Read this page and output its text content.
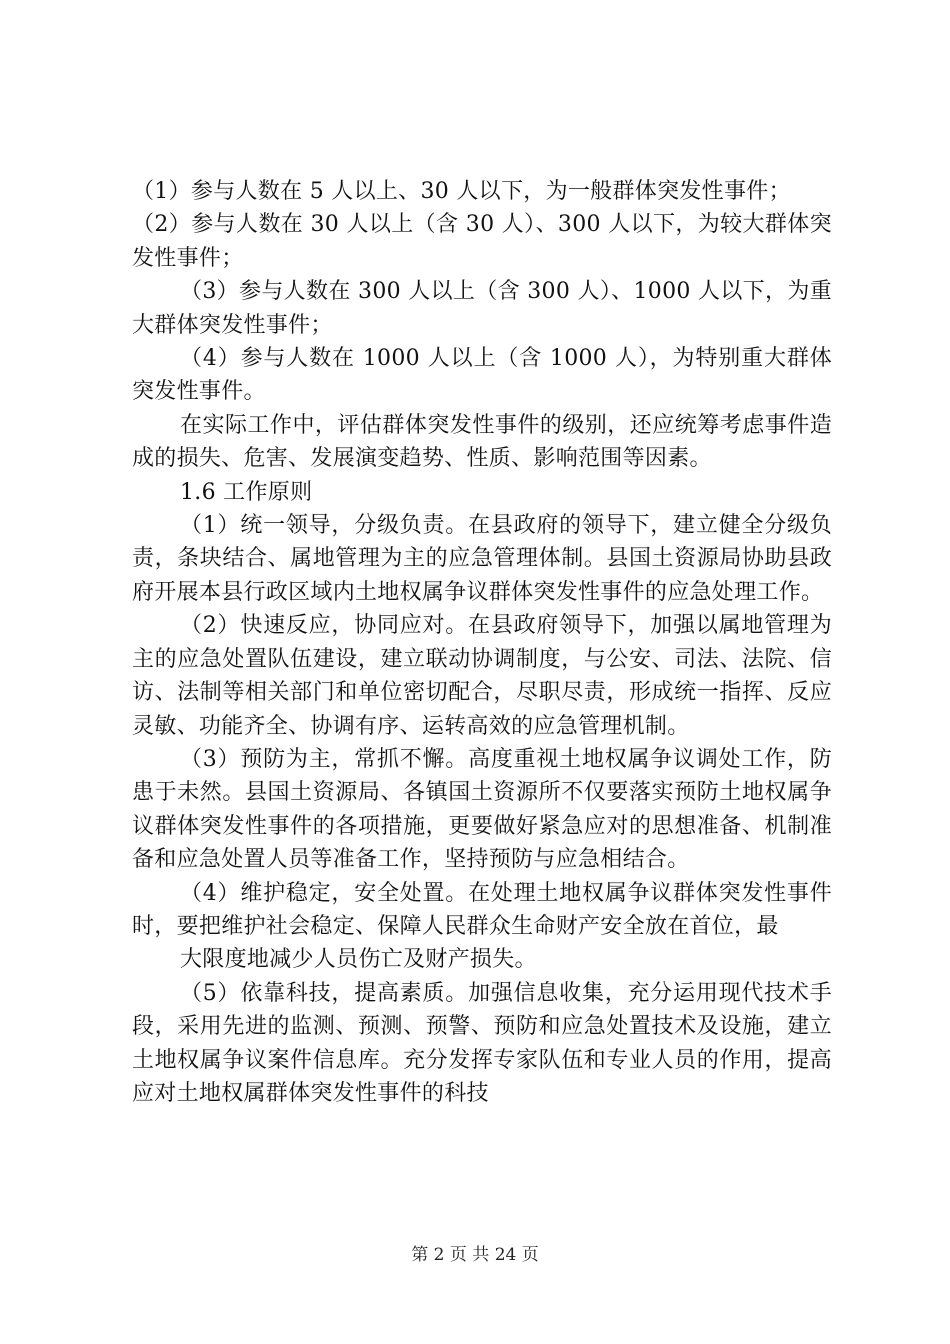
（1）参与人数在 5 人以上、30 人以下，为一般群体突发性事件；

（2）参与人数在 30 人以上（含 30 人）、300 人以下，为较大群体突发性事件；

（3）参与人数在 300 人以上（含 300 人）、1000 人以下，为重大群体突发性事件；

（4）参与人数在 1000 人以上（含 1000 人），为特别重大群体突发性事件。

在实际工作中，评估群体突发性事件的级别，还应统筹考虑事件造成的损失、危害、发展演变趋势、性质、影响范围等因素。

1.6 工作原则

（1）统一领导，分级负责。在县政府的领导下，建立健全分级负责，条块结合、属地管理为主的应急管理体制。县国土资源局协助县政府开展本县行政区域内土地权属争议群体突发性事件的应急处理工作。

（2）快速反应，协同应对。在县政府领导下，加强以属地管理为主的应急处置队伍建设，建立联动协调制度，与公安、司法、法院、信访、法制等相关部门和单位密切配合，尽职尽责，形成统一指挥、反应灵敏、功能齐全、协调有序、运转高效的应急管理机制。

（3）预防为主，常抓不懈。高度重视土地权属争议调处工作，防患于未然。县国土资源局、各镇国土资源所不仅要落实预防土地权属争议群体突发性事件的各项措施，更要做好紧急应对的思想准备、机制准备和应急处置人员等准备工作，坚持预防与应急相结合。

（4）维护稳定，安全处置。在处理土地权属争议群体突发性事件时，要把维护社会稳定、保障人民群众生命财产安全放在首位，最

大限度地减少人员伤亡及财产损失。

（5）依靠科技，提高素质。加强信息收集，充分运用现代技术手段，采用先进的监测、预测、预警、预防和应急处置技术及设施，建立土地权属争议案件信息库。充分发挥专家队伍和专业人员的作用，提高应对土地权属群体突发性事件的科技

第 2 页 共 24 页
